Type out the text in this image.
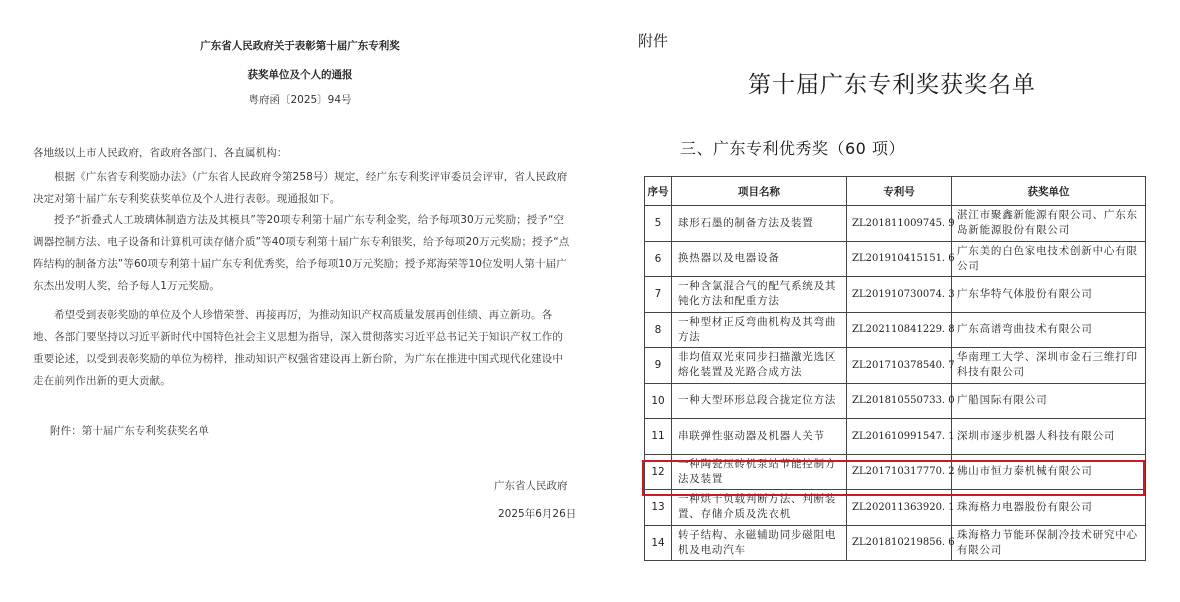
广东省人民政府关于表彰第十届广东专利奖
获奖单位及个人的通报
粤府函〔2025〕94号
各地级以上市人民政府，省政府各部门、各直属机构：
根据《广东省专利奖励办法》（广东省人民政府令第258号）规定，经广东专利奖评审委员会评审，省人民政府决定对第十届广东专利奖获奖单位及个人进行表彰。现通报如下。
授予“折叠式人工玻璃体制造方法及其模具”等20项专利第十届广东专利金奖，给予每项30万元奖励；授予“空调器控制方法、电子设备和计算机可读存储介质”等40项专利第十届广东专利银奖，给予每项20万元奖励；授予“点阵结构的制备方法”等60项专利第十届广东专利优秀奖，给予每项10万元奖励；授予郑海荣等10位发明人第十届广东杰出发明人奖，给予每人1万元奖励。
希望受到表彰奖励的单位及个人珍惜荣誉、再接再厉，为推动知识产权高质量发展再创佳绩、再立新功。各地、各部门要坚持以习近平新时代中国特色社会主义思想为指导，深入贯彻落实习近平总书记关于知识产权工作的重要论述，以受到表彰奖励的单位为榜样，推动知识产权强省建设再上新台阶，为广东在推进中国式现代化建设中走在前列作出新的更大贡献。
附件：第十届广东专利奖获奖名单
广东省人民政府
2025年6月26日
附件
第十届广东专利奖获奖名单
三、广东专利优秀奖（60 项）
序号	项目名称	专利号	获奖单位
5	球形石墨的制备方法及装置	ZL201811009745. 9	湛江市聚鑫新能源有限公司、广东东岛新能源股份有限公司
6	换热器以及电器设备	ZL201910415151. 6	广东美的白色家电技术创新中心有限公司
7	一种含氯混合气的配气系统及其钝化方法和配重方法	ZL201910730074. 3	广东华特气体股份有限公司
8	一种型材正反弯曲机构及其弯曲方法	ZL202110841229. 8	广东高谱弯曲技术有限公司
9	非均值双光束同步扫描激光选区熔化装置及光路合成方法	ZL201710378540. 7	华南理工大学、深圳市金石三维打印科技有限公司
10	一种大型环形总段合拢定位方法	ZL201810550733. 0	广船国际有限公司
11	串联弹性驱动器及机器人关节	ZL201610991547. 1	深圳市逐步机器人科技有限公司
12	一种陶瓷压砖机泵站节能控制方法及装置	ZL201710317770. 2	佛山市恒力泰机械有限公司
13	一种烘干负载判断方法、判断装置、存储介质及洗衣机	ZL202011363920. 1	珠海格力电器股份有限公司
14	转子结构、永磁辅助同步磁阻电机及电动汽车	ZL201810219856. 6	珠海格力节能环保制冷技术研究中心有限公司
